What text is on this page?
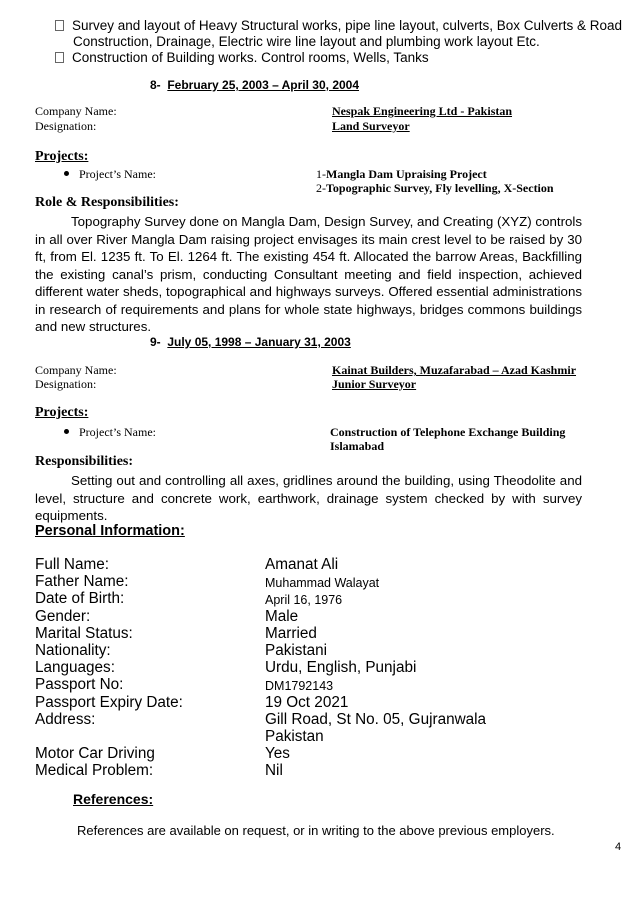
Survey and layout of Heavy Structural works, pipe line layout, culverts, Box Culverts & Road
Construction, Drainage, Electric wire line layout and plumbing work layout Etc.
Construction of Building works. Control rooms, Wells, Tanks
8- February 25, 2003 – April 30, 2004
Company Name:	Nespak Engineering Ltd - Pakistan
Designation:	Land Surveyor
Projects:
Project’s Name:	1-Mangla Dam Upraising Project
2-Topographic Survey, Fly levelling, X-Section
Role & Responsibilities:
Topography Survey done on Mangla Dam, Design Survey, and Creating (XYZ) controls in all over River Mangla Dam raising project envisages its main crest level to be raised by 30 ft, from El. 1235 ft. To El. 1264 ft. The existing 454 ft. Allocated the barrow Areas, Backfilling the existing canal’s prism, conducting Consultant meeting and field inspection, achieved different water sheds, topographical and highways surveys. Offered essential administrations in research of requirements and plans for whole state highways, bridges commons buildings and new structures.
9- July 05, 1998 – January 31, 2003
Company Name:	Kainat Builders, Muzafarabad – Azad Kashmir
Designation:	Junior Surveyor
Projects:
Project’s Name:	Construction of Telephone Exchange Building
Islamabad
Responsibilities:
Setting out and controlling all axes, gridlines around the building, using Theodolite and level, structure and concrete work, earthwork, drainage system checked by with survey equipments.
Personal Information:
Full Name:	Amanat Ali
Father Name:	Muhammad Walayat
Date of Birth:	April 16, 1976
Gender:	Male
Marital Status:	Married
Nationality:	Pakistani
Languages:	Urdu, English, Punjabi
Passport No:	DM1792143
Passport Expiry Date:	19 Oct 2021
Address:	Gill Road, St No. 05, Gujranwala
Pakistan
Motor Car Driving	Yes
Medical Problem:	Nil
References:
References are available on request, or in writing to the above previous employers.
4
